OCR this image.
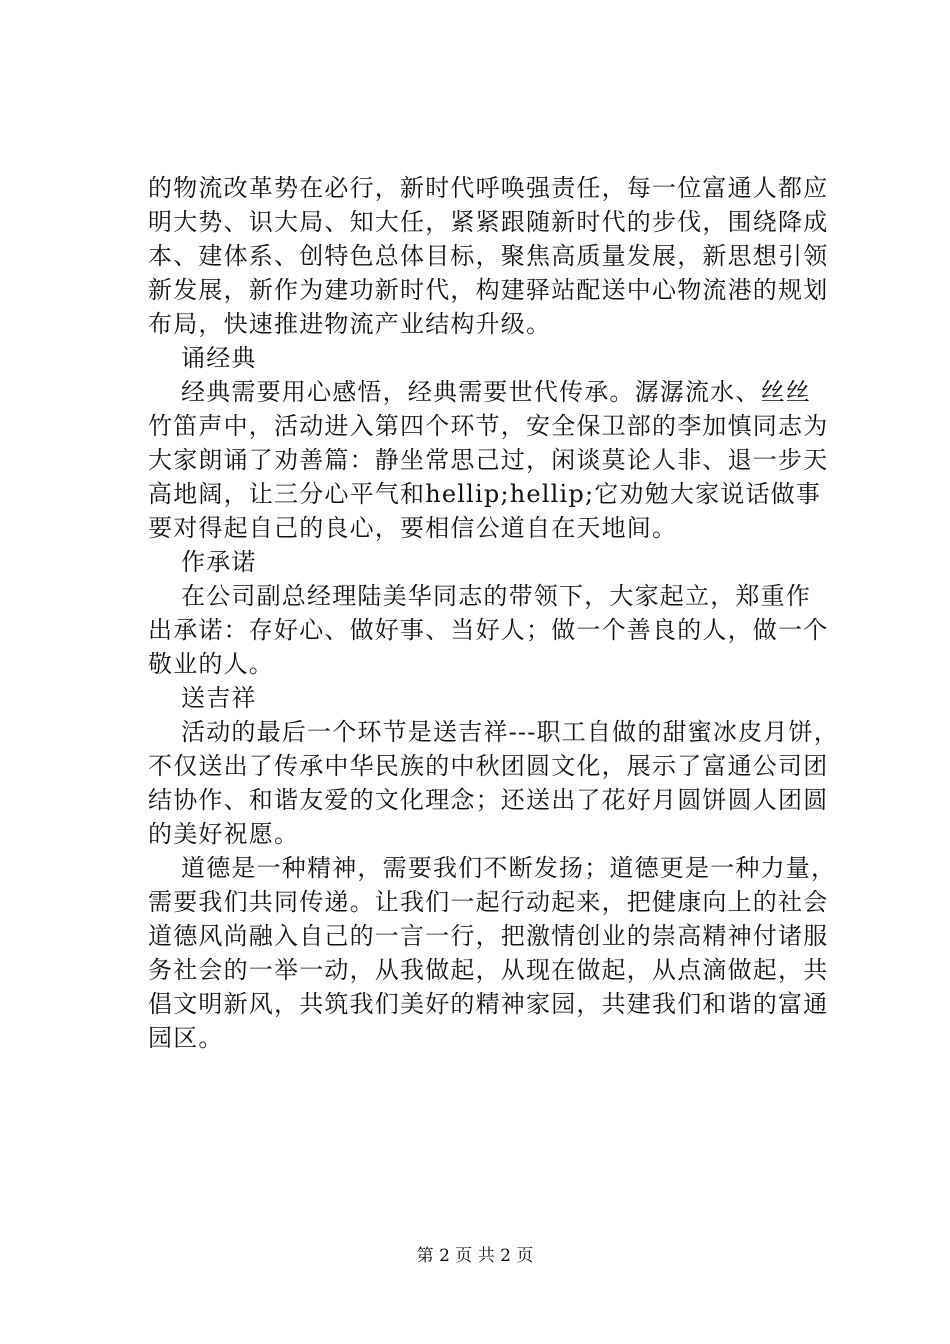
的物流改革势在必行，新时代呼唤强责任，每一位富通人都应
明大势、识大局、知大任，紧紧跟随新时代的步伐，围绕降成
本、建体系、创特色总体目标，聚焦高质量发展，新思想引领
新发展，新作为建功新时代，构建驿站配送中心物流港的规划
布局，快速推进物流产业结构升级。
诵经典
经典需要用心感悟，经典需要世代传承。潺潺流水、丝丝
竹笛声中，活动进入第四个环节，安全保卫部的李加慎同志为
大家朗诵了劝善篇：静坐常思己过，闲谈莫论人非、退一步天
高地阔，让三分心平气和hellip;hellip;它劝勉大家说话做事
要对得起自己的良心，要相信公道自在天地间。
作承诺
在公司副总经理陆美华同志的带领下，大家起立，郑重作
出承诺：存好心、做好事、当好人；做一个善良的人，做一个
敬业的人。
送吉祥
活动的最后一个环节是送吉祥---职工自做的甜蜜冰皮月饼，
不仅送出了传承中华民族的中秋团圆文化，展示了富通公司团
结协作、和谐友爱的文化理念；还送出了花好月圆饼圆人团圆
的美好祝愿。
道德是一种精神，需要我们不断发扬；道德更是一种力量，
需要我们共同传递。让我们一起行动起来，把健康向上的社会
道德风尚融入自己的一言一行，把激情创业的崇高精神付诸服
务社会的一举一动，从我做起，从现在做起，从点滴做起，共
倡文明新风，共筑我们美好的精神家园，共建我们和谐的富通
园区。
第 2 页 共 2 页
